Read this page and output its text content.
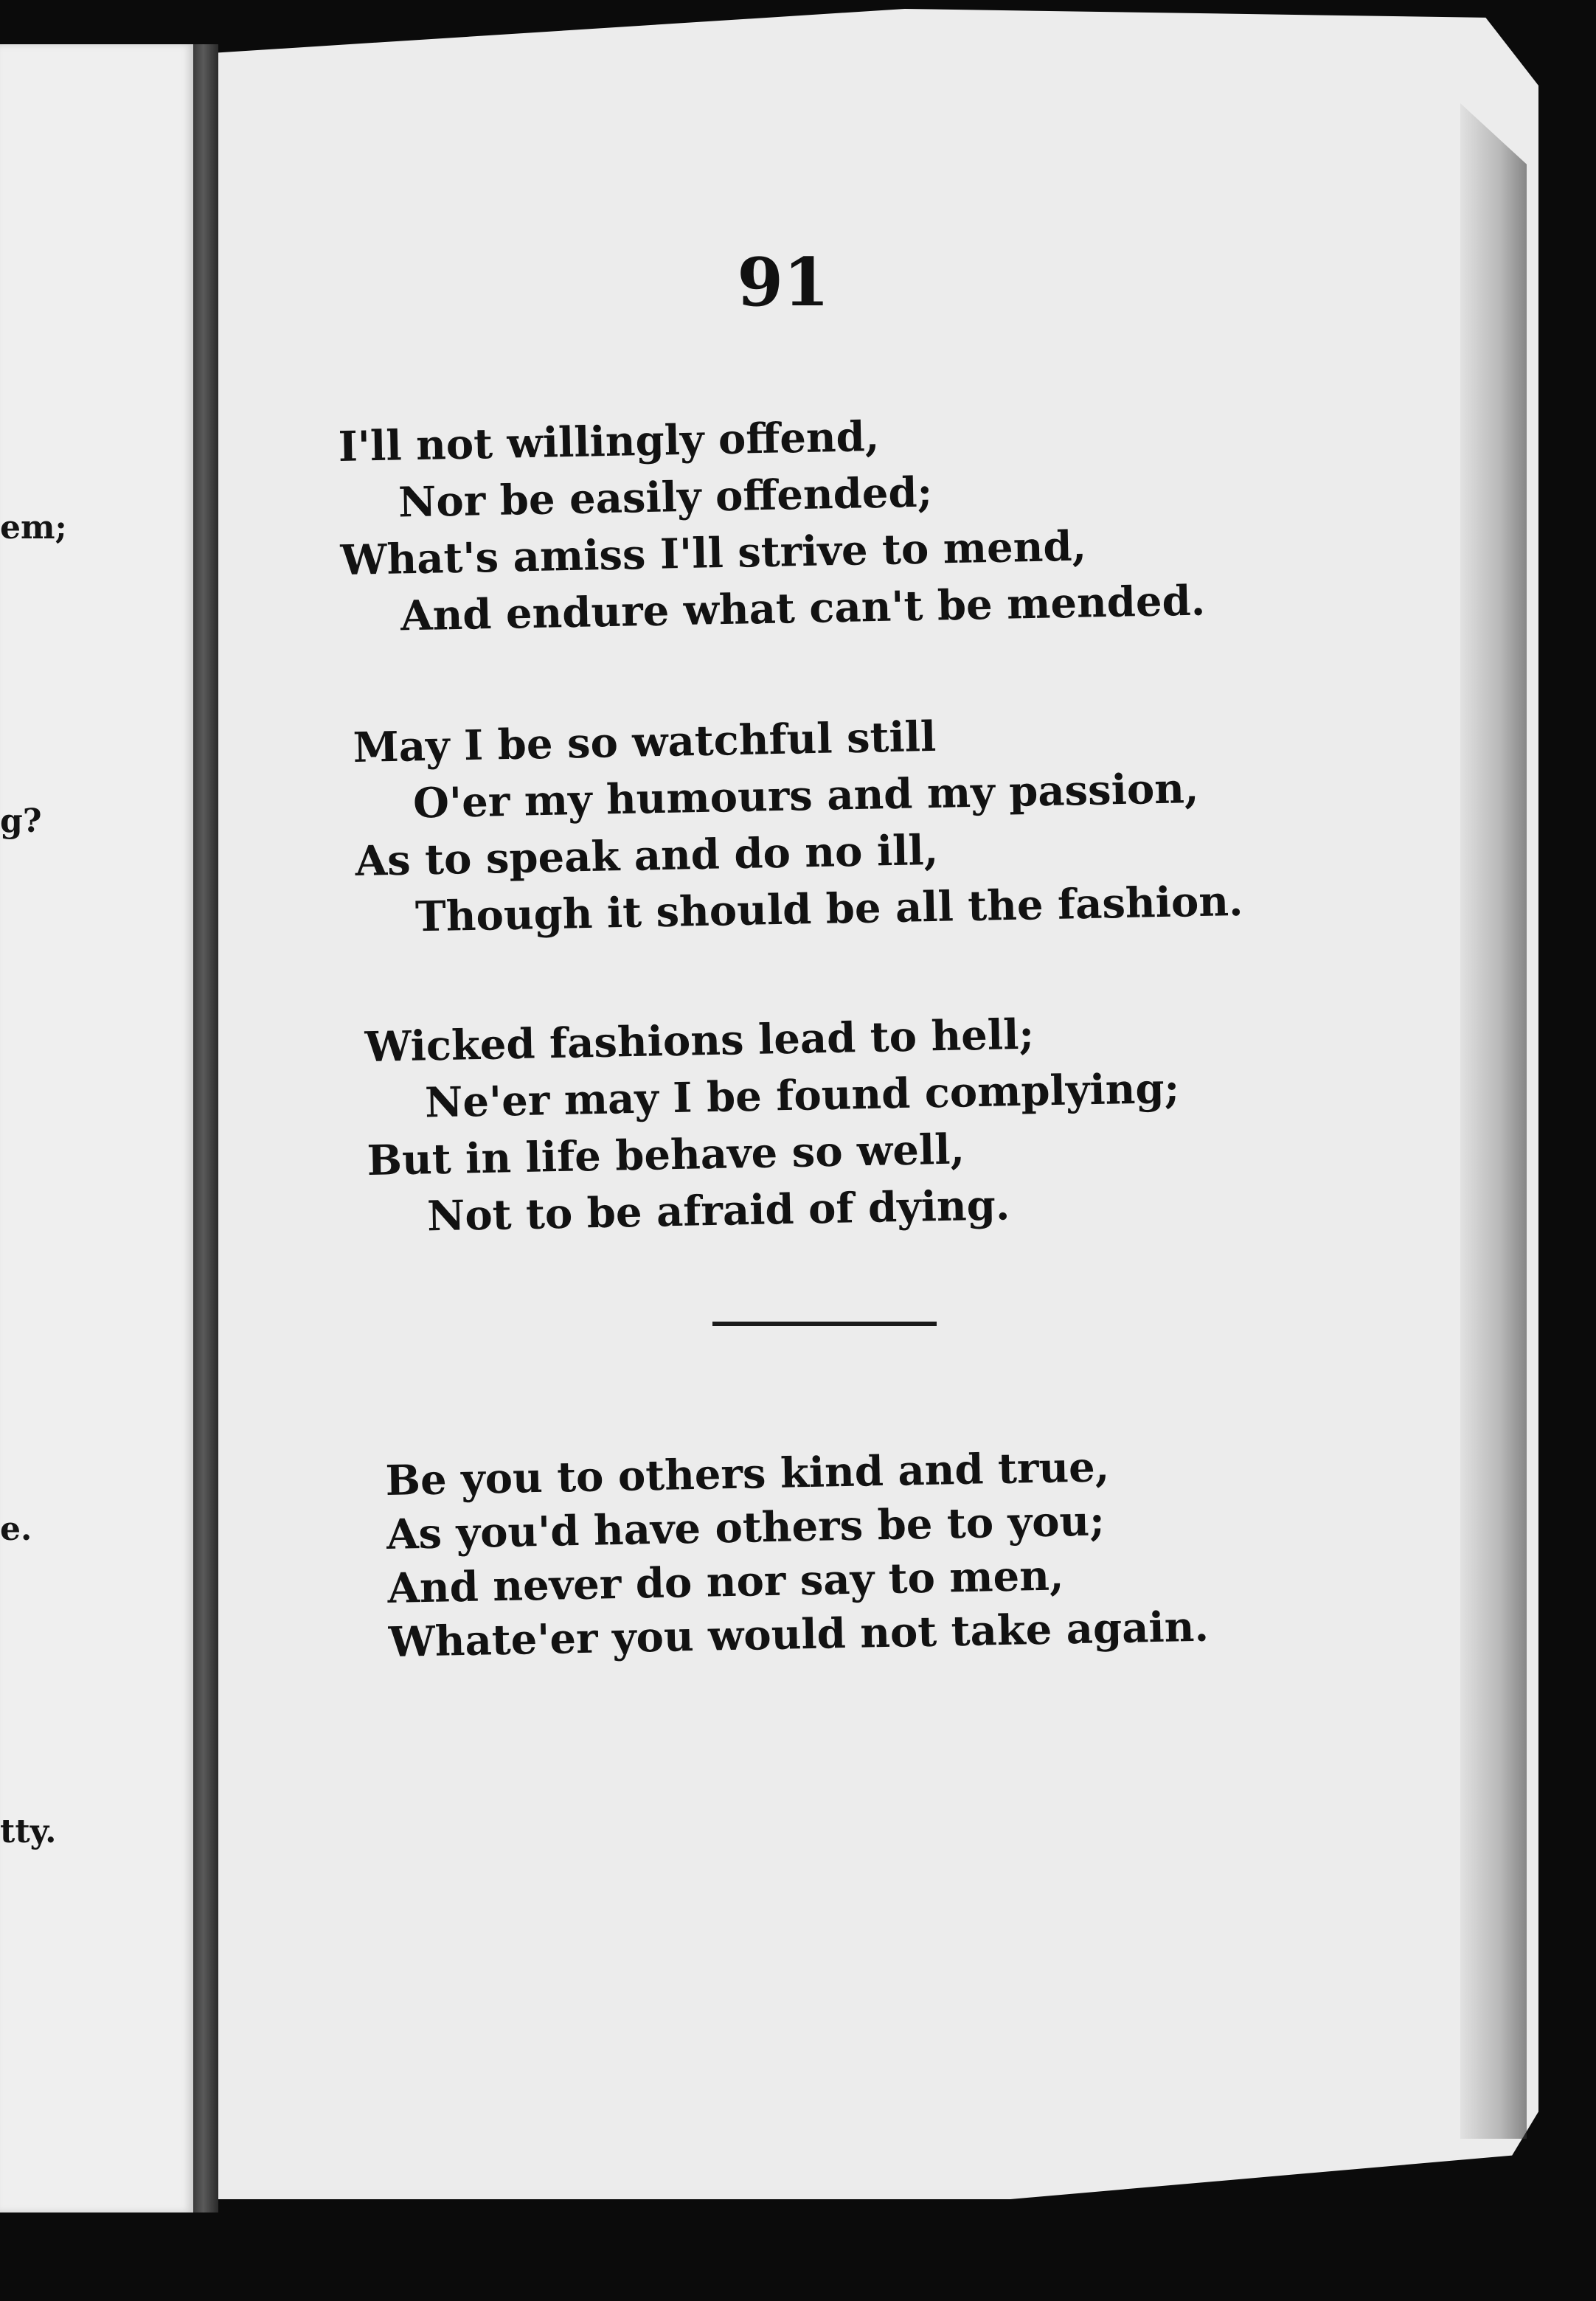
em;
g?
e.
tty.
91
I'll not willingly offend,
Nor be easily offended;
What's amiss I'll strive to mend,
And endure what can't be mended.
May I be so watchful still
O'er my humours and my passion,
As to speak and do no ill,
Though it should be all the fashion.
Wicked fashions lead to hell;
Ne'er may I be found complying;
But in life behave so well,
Not to be afraid of dying.
Be you to others kind and true,
As you'd have others be to you;
And never do nor say to men,
Whate'er you would not take again.
